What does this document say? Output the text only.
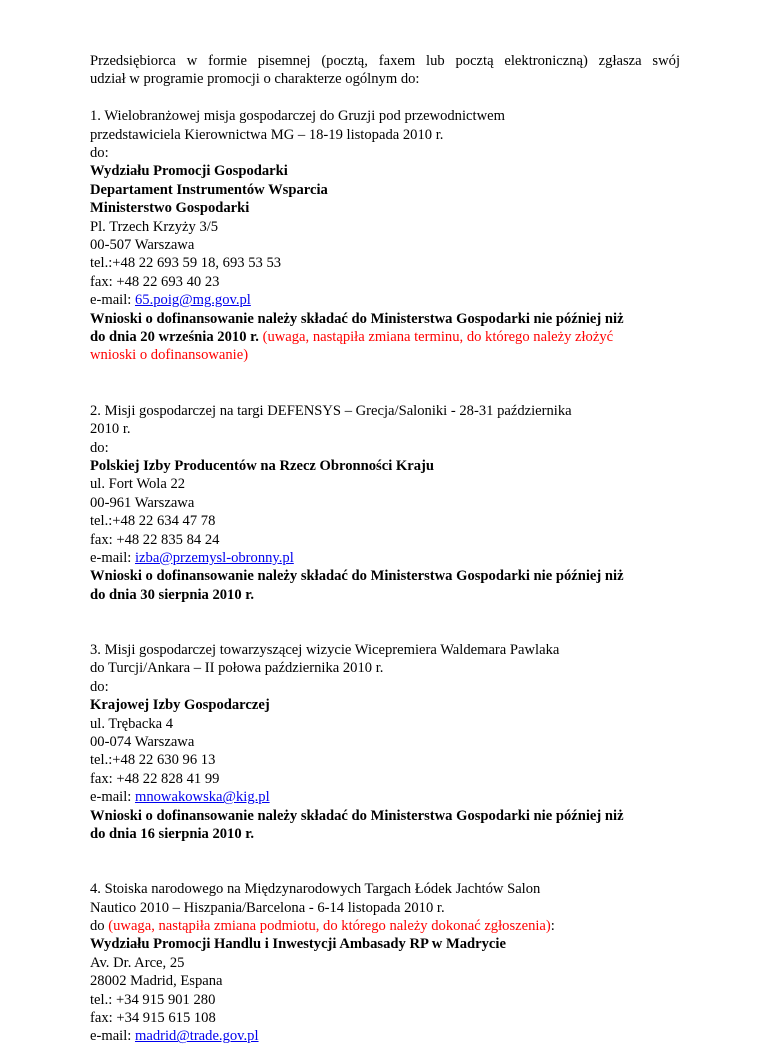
Przedsiębiorca w formie pisemnej (pocztą, faxem lub pocztą elektroniczną) zgłasza swój
udział w programie promocji o charakterze ogólnym do:

1. Wielobranżowej misja gospodarczej do Gruzji pod przewodnictwem
przedstawiciela Kierownictwa MG – 18-19 listopada 2010 r.
do:
Wydziału Promocji Gospodarki
Departament Instrumentów Wsparcia
Ministerstwo Gospodarki
Pl. Trzech Krzyży 3/5
00-507 Warszawa
tel.:+48 22 693 59 18, 693 53 53
fax: +48 22 693 40 23
e-mail: 65.poig@mg.gov.pl
Wnioski o dofinansowanie należy składać do Ministerstwa Gospodarki nie później niż
do dnia 20 września 2010 r. (uwaga, nastąpiła zmiana terminu, do którego należy złożyć
wnioski o dofinansowanie)
2. Misji gospodarczej na targi DEFENSYS – Grecja/Saloniki - 28-31 października
2010 r.
do:
Polskiej Izby Producentów na Rzecz Obronności Kraju
ul. Fort Wola 22
00-961 Warszawa
tel.:+48 22 634 47 78
fax: +48 22 835 84 24
e-mail: izba@przemysl-obronny.pl
Wnioski o dofinansowanie należy składać do Ministerstwa Gospodarki nie później niż
do dnia 30 sierpnia 2010 r.
3. Misji gospodarczej towarzyszącej wizycie Wicepremiera Waldemara Pawlaka
do Turcji/Ankara – II połowa października 2010 r.
do:
Krajowej Izby Gospodarczej
ul. Trębacka 4
00-074 Warszawa
tel.:+48 22 630 96 13
fax: +48 22 828 41 99
e-mail: mnowakowska@kig.pl
Wnioski o dofinansowanie należy składać do Ministerstwa Gospodarki nie później niż
do dnia 16 sierpnia 2010 r.
4. Stoiska narodowego na Międzynarodowych Targach Łódek Jachtów Salon
Nautico 2010 – Hiszpania/Barcelona - 6-14 listopada 2010 r.
do (uwaga, nastąpiła zmiana podmiotu, do którego należy dokonać zgłoszenia):
Wydziału Promocji Handlu i Inwestycji Ambasady RP w Madrycie
Av. Dr. Arce, 25
28002 Madrid, Espana
tel.: +34 915 901 280
fax: +34 915 615 108
e-mail: madrid@trade.gov.pl
